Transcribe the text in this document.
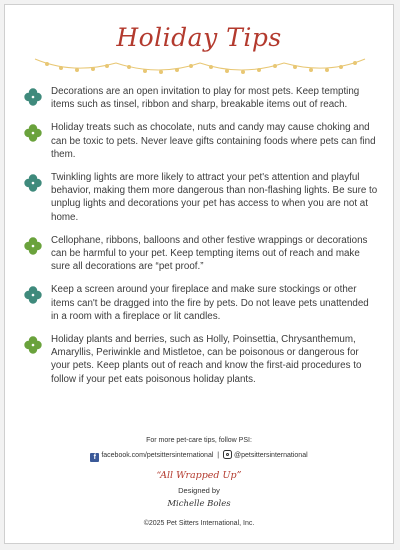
Holiday Tips
Decorations are an open invitation to play for most pets. Keep tempting items such as tinsel, ribbon and sharp, breakable items out of reach.
Holiday treats such as chocolate, nuts and candy may cause choking and can be toxic to pets. Never leave gifts containing foods where pets can find them.
Twinkling lights are more likely to attract your pet's attention and playful behavior, making them more dangerous than non-flashing lights. Be sure to unplug lights and decorations your pet has access to when you are not at home.
Cellophane, ribbons, balloons and other festive wrappings or decorations can be harmful to your pet. Keep tempting items out of reach and make sure all decorations are “pet proof.”
Keep a screen around your fireplace and make sure stockings or other items can't be dragged into the fire by pets. Do not leave pets unattended in a room with a fireplace or lit candles.
Holiday plants and berries, such as Holly, Poinsettia, Chrysanthemum, Amaryllis, Periwinkle and Mistletoe, can be poisonous or dangerous for your pets. Keep plants out of reach and know the first-aid procedures to follow if your pet eats poisonous holiday plants.
For more pet-care tips, follow PSI:
f facebook.com/petsittersinternational  |  @petsittersinternational
“All Wrapped Up”
Designed by
Michelle Boles
©2025 Pet Sitters International, Inc.
